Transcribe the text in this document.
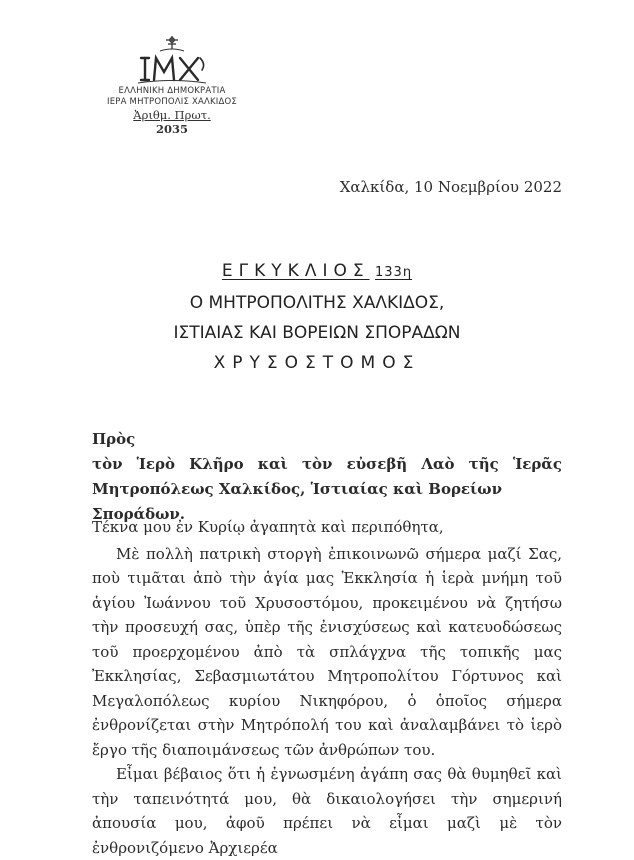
ΕΛΛΗΝΙΚΗ ΔΗΜΟΚΡΑΤΙΑ
ΙΕΡΑ ΜΗΤΡΟΠΟΛΙΣ ΧΑΛΚΙΔΟΣ
Ἀριθμ. Πρωτ.
2035
Χαλκίδα, 10 Νοεμβρίου 2022
ΕΓΚΥΚΛΙΟΣ 133η
Ο ΜΗΤΡΟΠΟΛΙΤΗΣ ΧΑΛΚΙΔΟΣ,
ΙΣΤΙΑΙΑΣ ΚΑΙ ΒΟΡΕΙΩΝ ΣΠΟΡΑΔΩΝ
ΧΡΥΣΟΣΤΟΜΟΣ
Πρὸς
τὸν Ἱερὸ Κλῆρο καὶ τὸν εὐσεβῆ Λαὸ τῆς Ἱερᾶς
Μητροπόλεως Χαλκίδος, Ἱστιαίας καὶ Βορείων Σποράδων.

Τέκνα μου ἐν Κυρίῳ ἀγαπητὰ καὶ περιπόθητα,

Μὲ πολλὴ πατρικὴ στοργὴ ἐπικοινωνῶ σήμερα μαζί Σας, ποὺ τιμᾶται ἀπὸ τὴν ἁγία μας Ἐκκλησία ἡ ἱερὰ μνήμη τοῦ ἁγίου Ἰωάννου τοῦ Χρυσοστόμου, προκειμένου νὰ ζητήσω τὴν προσευχή σας, ὑπὲρ τῆς ἐνισχύσεως καὶ κατευοδώσεως τοῦ προερχομένου ἀπὸ τὰ σπλάγχνα τῆς τοπικῆς μας Ἐκκλησίας, Σεβασμιωτάτου Μητροπολίτου Γόρτυνος καὶ Μεγαλοπόλεως κυρίου Νικηφόρου, ὁ ὁποῖος σήμερα ἐνθρονίζεται στὴν Μητρόπολή του καὶ ἀναλαμβάνει τὸ ἱερὸ ἔργο τῆς διαποιμάνσεως τῶν ἀνθρώπων του.

Εἶμαι βέβαιος ὅτι ἡ ἐγνωσμένη ἀγάπη σας θὰ θυμηθεῖ καὶ τὴν ταπεινότητά μου, θὰ δικαιολογήσει τὴν σημερινή ἀπουσία μου, ἀφοῦ πρέπει νὰ εἶμαι μαζὶ μὲ τὸν ἐνθρονιζόμενο Ἀρχιερέα
